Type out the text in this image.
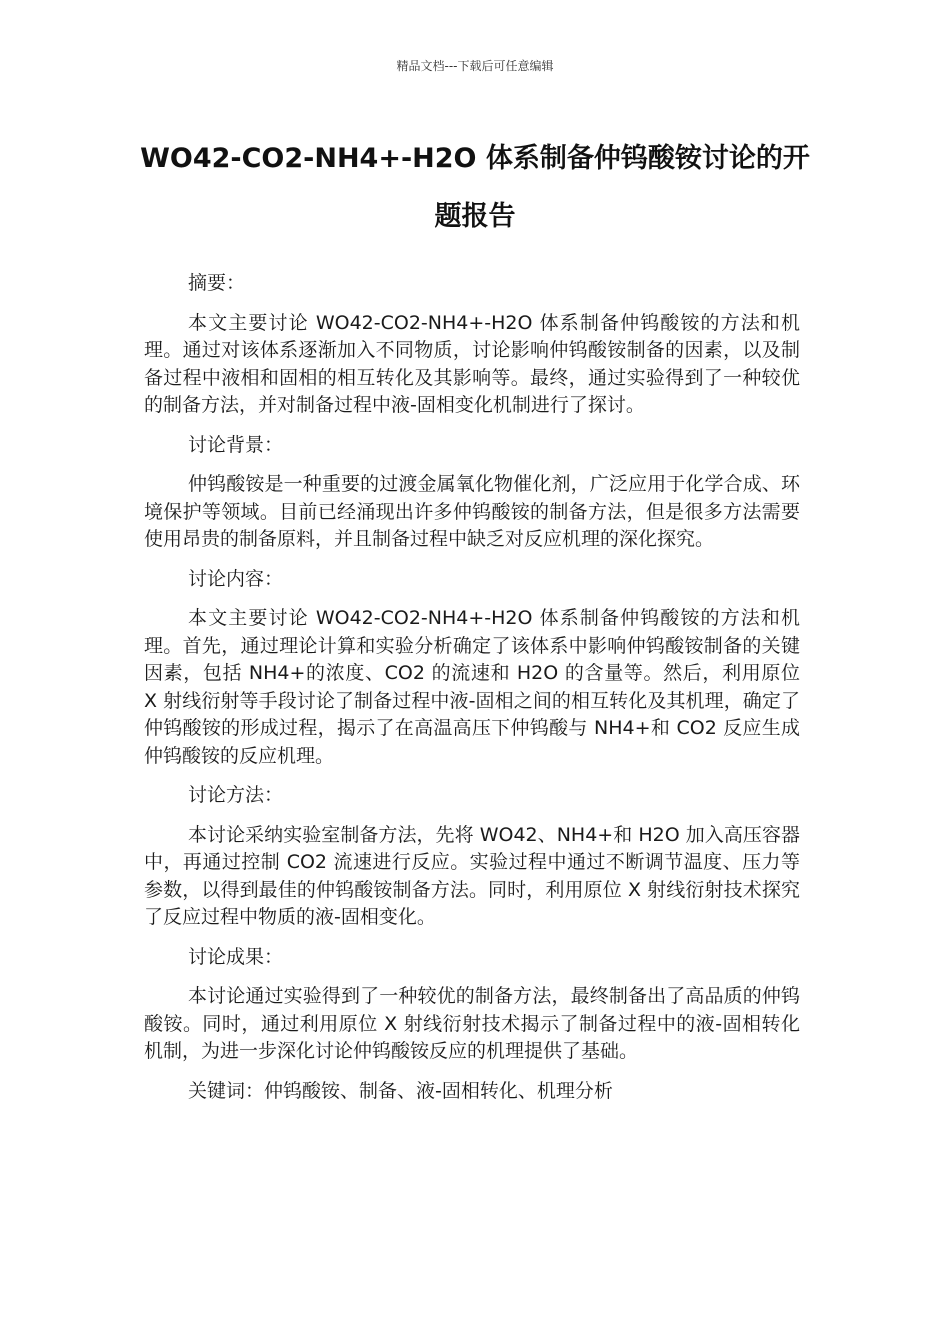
精品文档---下载后可任意编辑
WO42-CO2-NH4+-H2O 体系制备仲钨酸铵讨论的开题报告

摘要：

本文主要讨论 WO42-CO2-NH4+-H2O 体系制备仲钨酸铵的方法和机理。通过对该体系逐渐加入不同物质，讨论影响仲钨酸铵制备的因素，以及制备过程中液相和固相的相互转化及其影响等。最终，通过实验得到了一种较优的制备方法，并对制备过程中液-固相变化机制进行了探讨。

讨论背景：

仲钨酸铵是一种重要的过渡金属氧化物催化剂，广泛应用于化学合成、环境保护等领域。目前已经涌现出许多仲钨酸铵的制备方法，但是很多方法需要使用昂贵的制备原料，并且制备过程中缺乏对反应机理的深化探究。

讨论内容：

本文主要讨论 WO42-CO2-NH4+-H2O 体系制备仲钨酸铵的方法和机理。首先，通过理论计算和实验分析确定了该体系中影响仲钨酸铵制备的关键因素，包括 NH4+的浓度、CO2 的流速和 H2O 的含量等。然后，利用原位 X 射线衍射等手段讨论了制备过程中液-固相之间的相互转化及其机理，确定了仲钨酸铵的形成过程，揭示了在高温高压下仲钨酸与 NH4+和 CO2 反应生成仲钨酸铵的反应机理。

讨论方法：

本讨论采纳实验室制备方法，先将 WO42、NH4+和 H2O 加入高压容器中，再通过控制 CO2 流速进行反应。实验过程中通过不断调节温度、压力等参数，以得到最佳的仲钨酸铵制备方法。同时，利用原位 X 射线衍射技术探究了反应过程中物质的液-固相变化。

讨论成果：

本讨论通过实验得到了一种较优的制备方法，最终制备出了高品质的仲钨酸铵。同时，通过利用原位 X 射线衍射技术揭示了制备过程中的液-固相转化机制，为进一步深化讨论仲钨酸铵反应的机理提供了基础。

关键词：仲钨酸铵、制备、液-固相转化、机理分析
